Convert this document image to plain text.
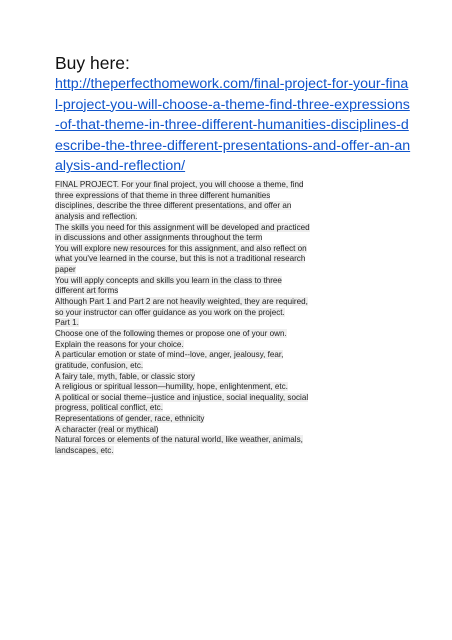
Buy here:
http://theperfecthomework.com/final-project-for-your-fina
l-project-you-will-choose-a-theme-find-three-expressions
-of-that-theme-in-three-different-humanities-disciplines-d
escribe-the-three-different-presentations-and-offer-an-an
alysis-and-reflection/
FINAL PROJECT. For your final project, you will choose a theme, find
three expressions of that theme in three different humanities
disciplines, describe the three different presentations, and offer an
analysis and reflection.
The skills you need for this assignment will be developed and practiced
in discussions and other assignments throughout the term
You will explore new resources for this assignment, and also reflect on
what you've learned in the course, but this is not a traditional research
paper
You will apply concepts and skills you learn in the class to three
different art forms
Although Part 1 and Part 2 are not heavily weighted, they are required,
so your instructor can offer guidance as you work on the project.
Part 1.
Choose one of the following themes or propose one of your own.
Explain the reasons for your choice.
A particular emotion or state of mind--love, anger, jealousy, fear,
gratitude, confusion, etc.
A fairy tale, myth, fable, or classic story
A religious or spiritual lesson—humility, hope, enlightenment, etc.
A political or social theme--justice and injustice, social inequality, social
progress, political conflict, etc.
Representations of gender, race, ethnicity
A character (real or mythical)
Natural forces or elements of the natural world, like weather, animals,
landscapes, etc.
